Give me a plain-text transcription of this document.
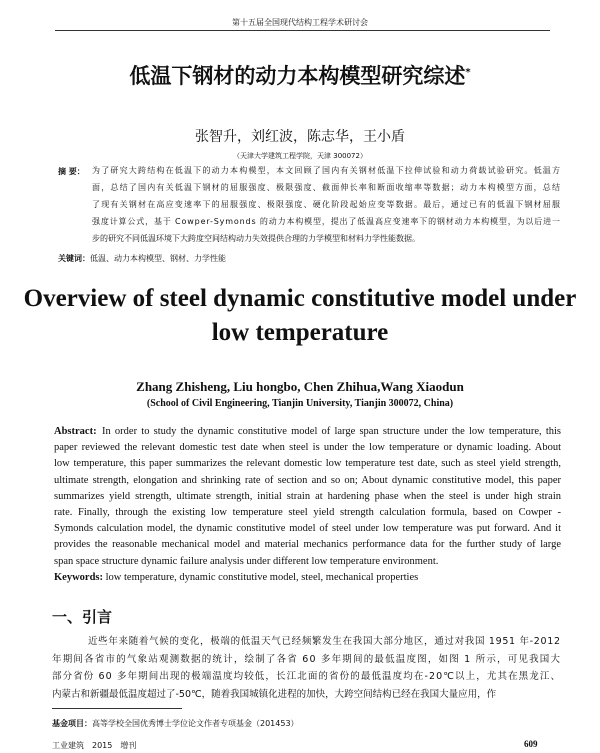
第十五届全国现代结构工程学术研讨会
低温下钢材的动力本构模型研究综述*
张智升，刘红波，陈志华，王小盾
（天津大学建筑工程学院，天津 300072）
摘 要： 为了研究大跨结构在低温下的动力本构模型，本文回顾了国内有关钢材低温下拉伸试验和动力荷载试验研究。低温方
面，总结了国内有关低温下钢材的屈服强度、极限强度、截面伸长率和断面收缩率等数据；动力本构模型方面，总结
了现有关钢材在高应变速率下的屈服强度、极限强度、硬化阶段起始应变等数据。最后，通过已有的低温下钢材屈服
强度计算公式，基于 Cowper-Symonds 的动力本构模型，提出了低温高应变速率下的钢材动力本构模型，为以后进一
步的研究不同低温环境下大跨度空间结构动力失效提供合理的力学模型和材料力学性能数据。
关键词：低温、动力本构模型、钢材、力学性能
Overview of steel dynamic constitutive model under
low temperature
Zhang Zhisheng, Liu hongbo, Chen Zhihua,Wang Xiaodun
(School of Civil Engineering, Tianjin University, Tianjin 300072, China)
In order to study the dynamic constitutive model of large span structure under the low temperature, this
paper reviewed the relevant domestic test date when steel is under the low temperature or dynamic loading. About
low temperature, this paper summarizes the relevant domestic low temperature test date, such as steel yield strength,
ultimate strength, elongation and shrinking rate of section and so on; About dynamic constitutive model, this paper
summarizes yield strength, ultimate strength, initial strain at hardening phase when the steel is under high strain
rate. Finally, through the existing low temperature steel yield strength calculation formula, based on Cowper -
Symonds calculation model, the dynamic constitutive model of steel under low temperature was put forward. And it
provides the reasonable mechanical model and material mechanics performance data for the further study of large
span space structure dynamic failure analysis under different low temperature environment.
Abstract:
Keywords: low temperature, dynamic constitutive model, steel, mechanical properties
一、引言
近些年来随着气候的变化，极端的低温天气已经频繁发生在我国大部分地区，通过对我国 1951 年-2012
年期间各省市的气象站观测数据的统计，绘制了各省 60 多年期间的最低温度图，如图 1 所示，可见我国大
部分省份 60 多年期间出现的极端温度均较低，长江北面的省份的最低温度均在-20℃以上，尤其在黑龙江、
内蒙古和新疆最低温度超过了-50℃，随着我国城镇化进程的加快，大跨空间结构已经在我国大量应用，作
基金项目：高等学校全国优秀博士学位论文作者专项基金（201453）
工业建筑　2015　增刊	609
